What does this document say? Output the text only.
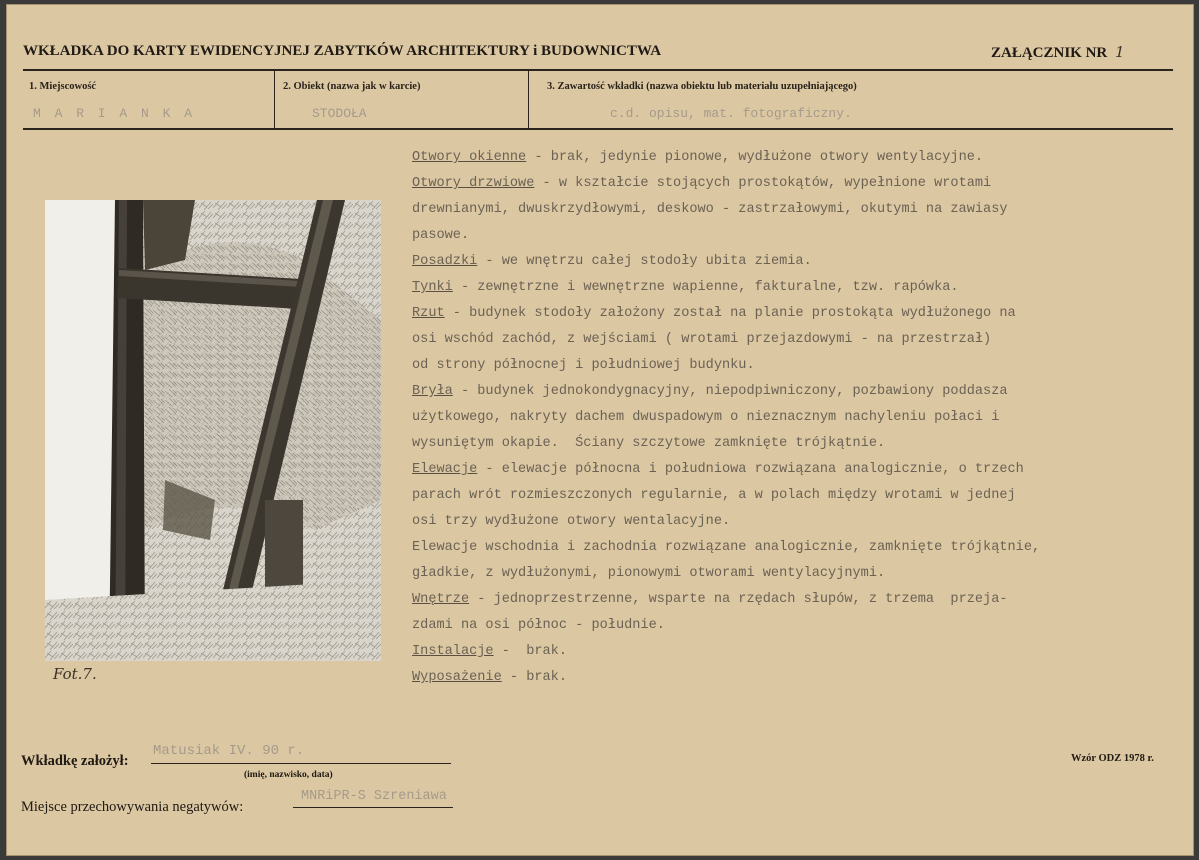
WKŁADKA DO KARTY EWIDENCYJNEJ ZABYTKÓW ARCHITEKTURY i BUDOWNICTWA	ZAŁĄCZNIK NR 1
1. Miejscowość
M A R I A N K A
2. Obiekt (nazwa jak w karcie)
STODOŁA
3. Zawartość wkładki (nazwa obiektu lub materiału uzupełniającego)
c.d. opisu, mat. fotograficzny.
Fot.7.
Otwory okienne - brak, jedynie pionowe, wydłużone otwory wentylacyjne.
Otwory drzwiowe - w kształcie stojących prostokątów, wypełnione wrotami
drewnianymi, dwuskrzydłowymi, deskowo - zastrzałowymi, okutymi na zawiasy
pasowe.
Posadzki - we wnętrzu całej stodoły ubita ziemia.
Tynki - zewnętrzne i wewnętrzne wapienne, fakturalne, tzw. rapówka.
Rzut - budynek stodoły założony został na planie prostokąta wydłużonego na
osi wschód zachód, z wejściami ( wrotami przejazdowymi - na przestrzał)
od strony północnej i południowej budynku.
Bryła - budynek jednokondygnacyjny, niepodpiwniczony, pozbawiony poddasza
użytkowego, nakryty dachem dwuspadowym o nieznacznym nachyleniu połaci i
wysuniętym okapie.  Ściany szczytowe zamknięte trójkątnie.
Elewacje - elewacje północna i południowa rozwiązana analogicznie, o trzech
parach wrót rozmieszczonych regularnie, a w polach między wrotami w jednej
osi trzy wydłużone otwory wentalacyjne.
Elewacje wschodnia i zachodnia rozwiązane analogicznie, zamknięte trójkątnie,
gładkie, z wydłużonymi, pionowymi otworami wentylacyjnymi.
Wnętrze - jednoprzestrzenne, wsparte na rzędach słupów, z trzema  przeja-
zdami na osi północ - południe.
Instalacje -  brak.
Wyposażenie - brak.
Wkładkę założył:
Matusiak IV. 90 r.
(imię, nazwisko, data)
Miejsce przechowywania negatywów:
MNRiPR-S Szreniawa
Wzór ODZ 1978 r.
